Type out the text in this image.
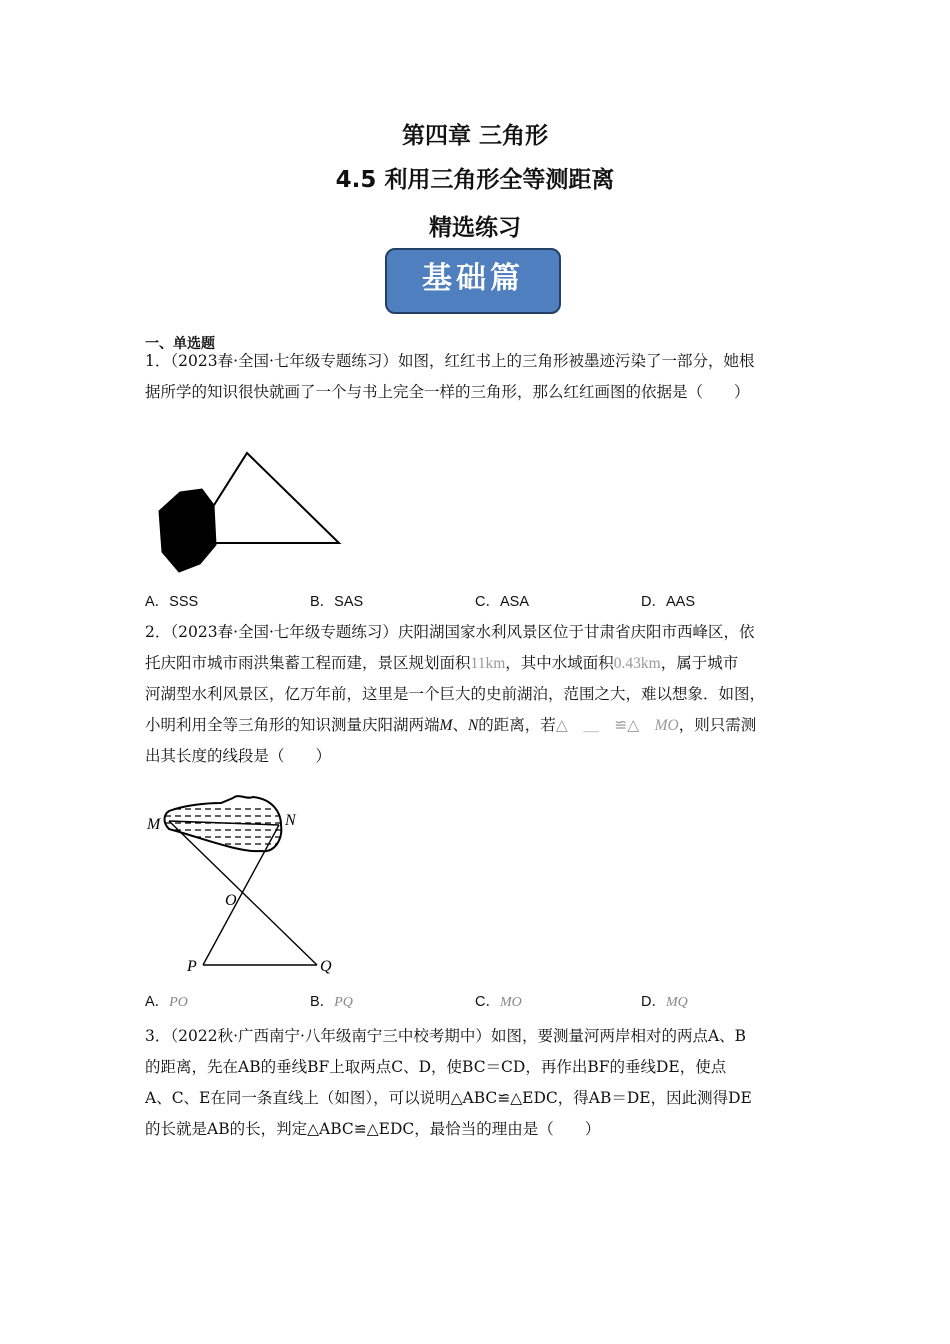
第四章 三角形
4.5 利用三角形全等测距离
精选练习
基础篇
一、单选题
1．（2023春·全国·七年级专题练习）如图，红红书上的三角形被墨迹污染了一部分，她根
据所学的知识很快就画了一个与书上完全一样的三角形，那么红红画图的依据是（　　）
A．SSS	B．SAS	C．ASA	D．AAS
2．（2023春·全国·七年级专题练习）庆阳湖国家水利风景区位于甘肃省庆阳市西峰区，依
托庆阳市城市雨洪集蓄工程而建，景区规划面积11km，其中水域面积0.43km，属于城市
河湖型水利风景区，亿万年前，这里是一个巨大的史前湖泊，范围之大，难以想象．如图，
小明利用全等三角形的知识测量庆阳湖两端M、N的距离，若△　＿　≌△　MO，则只需测
出其长度的线段是（　　）
M	N
O
P	Q
A．PO	B．PQ	C．MO	D．MQ
3．（2022秋·广西南宁·八年级南宁三中校考期中）如图，要测量河两岸相对的两点A、B
的距离，先在AB的垂线BF上取两点C、D，使BC＝CD，再作出BF的垂线DE，使点
A、C、E在同一条直线上（如图），可以说明△ABC≌△EDC，得AB＝DE，因此测得DE
的长就是AB的长，判定△ABC≌△EDC，最恰当的理由是（　　）
